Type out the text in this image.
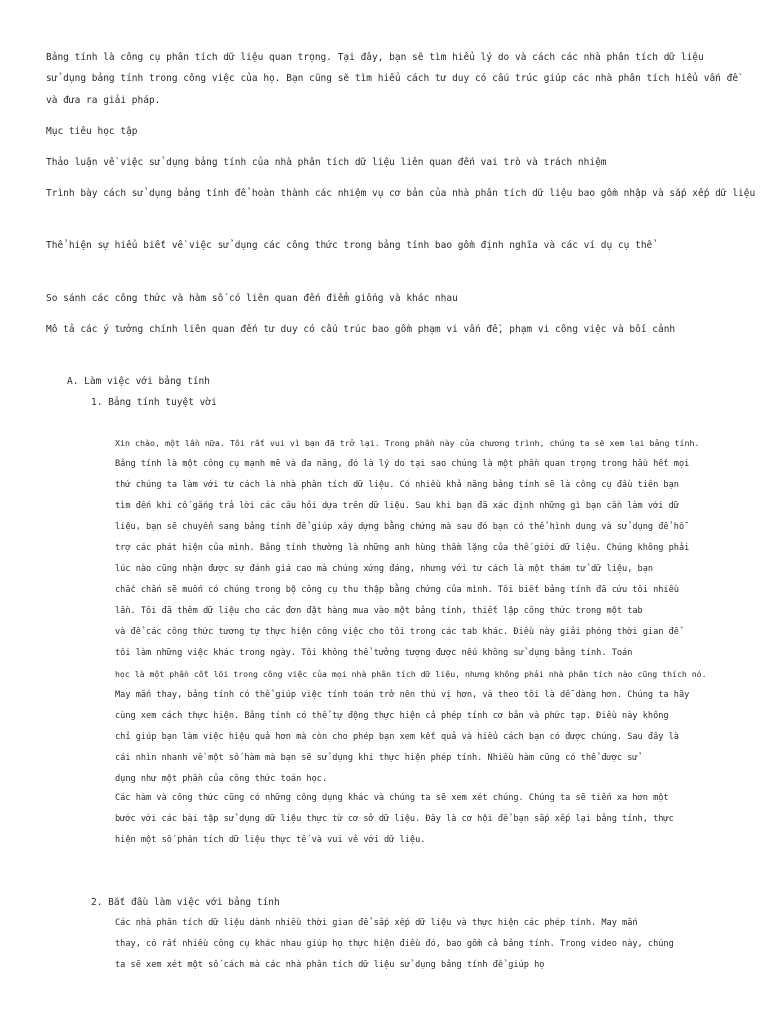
Bảng tính là công cụ phân tích dữ liệu quan trọng. Tại đây, bạn sẽ tìm hiểu lý do và cách các nhà phân tích dữ liệu
sử dụng bảng tính trong công việc của họ. Bạn cũng sẽ tìm hiểu cách tư duy có cấu trúc giúp các nhà phân tích hiểu vấn đề
và đưa ra giải pháp.
Mục tiêu học tập
Thảo luận về việc sử dụng bảng tính của nhà phân tích dữ liệu liên quan đến vai trò và trách nhiệm
Trình bày cách sử dụng bảng tính để hoàn thành các nhiệm vụ cơ bản của nhà phân tích dữ liệu bao gồm nhập và sắp xếp dữ liệu
Thể hiện sự hiểu biết về việc sử dụng các công thức trong bảng tính bao gồm định nghĩa và các ví dụ cụ thể
So sánh các công thức và hàm số có liên quan đến điểm giống và khác nhau
Mô tả các ý tưởng chính liên quan đến tư duy có cấu trúc bao gồm phạm vi vấn đề, phạm vi công việc và bối cảnh
A. Làm việc với bảng tính
1. Bảng tính tuyệt vời
Xin chào, một lần nữa. Tôi rất vui vì bạn đã trở lại. Trong phần này của chương trình, chúng ta sẽ xem lại bảng tính.
Bảng tính là một công cụ mạnh mẽ và đa năng, đó là lý do tại sao chúng là một phần quan trọng trong hầu hết mọi
thứ chúng ta làm với tư cách là nhà phân tích dữ liệu. Có nhiều khả năng bảng tính sẽ là công cụ đầu tiên bạn
tìm đến khi cố gắng trả lời các câu hỏi dựa trên dữ liệu. Sau khi bạn đã xác định những gì bạn cần làm với dữ
liệu, bạn sẽ chuyển sang bảng tính để giúp xây dựng bằng chứng mà sau đó bạn có thể hình dung và sử dụng để hỗ
trợ các phát hiện của mình. Bảng tính thường là những anh hùng thầm lặng của thế giới dữ liệu. Chúng không phải
lúc nào cũng nhận được sự đánh giá cao mà chúng xứng đáng, nhưng với tư cách là một thám tử dữ liệu, bạn
chắc chắn sẽ muốn có chúng trong bộ công cụ thu thập bằng chứng của mình. Tôi biết bảng tính đã cứu tôi nhiều
lần. Tôi đã thêm dữ liệu cho các đơn đặt hàng mua vào một bảng tính, thiết lập công thức trong một tab
và để các công thức tương tự thực hiện công việc cho tôi trong các tab khác. Điều này giải phóng thời gian để
tôi làm những việc khác trong ngày. Tôi không thể tưởng tượng được nếu không sử dụng bảng tính. Toán
học là một phần cốt lõi trong công việc của mọi nhà phân tích dữ liệu, nhưng không phải nhà phân tích nào cũng thích nó.
May mắn thay, bảng tính có thể giúp việc tính toán trở nên thú vị hơn, và theo tôi là dễ dàng hơn. Chúng ta hãy
cùng xem cách thực hiện. Bảng tính có thể tự động thực hiện cả phép tính cơ bản và phức tạp. Điều này không
chỉ giúp bạn làm việc hiệu quả hơn mà còn cho phép bạn xem kết quả và hiểu cách bạn có được chúng. Sau đây là
cái nhìn nhanh về một số hàm mà bạn sẽ sử dụng khi thực hiện phép tính. Nhiều hàm cũng có thể được sử
dụng như một phần của công thức toán học.
Các hàm và công thức cũng có những công dụng khác và chúng ta sẽ xem xét chúng. Chúng ta sẽ tiến xa hơn một
bước với các bài tập sử dụng dữ liệu thực từ cơ sở dữ liệu. Đây là cơ hội để bạn sắp xếp lại bảng tính, thực
hiện một số phân tích dữ liệu thực tế và vui vẻ với dữ liệu.
2. Bắt đầu làm việc với bảng tính
Các nhà phân tích dữ liệu dành nhiều thời gian để sắp xếp dữ liệu và thực hiện các phép tính. May mắn
thay, có rất nhiều công cụ khác nhau giúp họ thực hiện điều đó, bao gồm cả bảng tính. Trong video này, chúng
ta sẽ xem xét một số cách mà các nhà phân tích dữ liệu sử dụng bảng tính để giúp họ
